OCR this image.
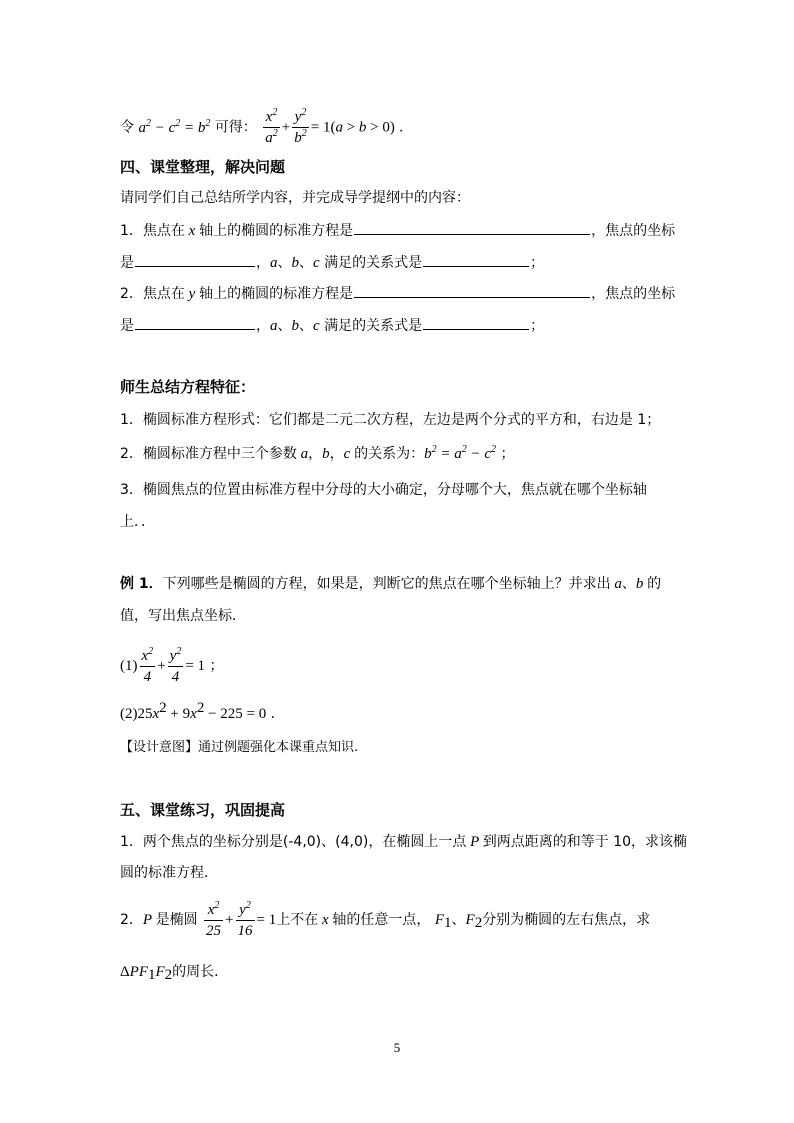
令 $a^2 - c^2 = b^2$ 可得： $\frac{x^2}{a^2} + \frac{y^2}{b^2} = 1(a > b > 0)$ .
四、课堂整理，解决问题
请同学们自己总结所学内容，并完成导学提纲中的内容：
1．焦点在 x 轴上的椭圆的标准方程是	，焦点的坐标
是	，a、b、c 满足的关系式是	；
2．焦点在 y 轴上的椭圆的标准方程是	，焦点的坐标
是	，a、b、c 满足的关系式是	；
师生总结方程特征：
1．椭圆标准方程形式：它们都是二元二次方程，左边是两个分式的平方和，右边是 1；
2．椭圆标准方程中三个参数 a，b，c 的关系为：$b^2 = a^2 - c^2$ ；
3．椭圆焦点的位置由标准方程中分母的大小确定，分母哪个大，焦点就在哪个坐标轴
上．．
例 1．下列哪些是椭圆的方程，如果是，判断它的焦点在哪个坐标轴上？并求出 a、b 的
值，写出焦点坐标．
$(1) \frac{x^2}{4} + \frac{y^2}{4} = 1$ ；
$(2)25x^2 + 9x^2 - 225 = 0$ ．
【设计意图】通过例题强化本课重点知识.
五、课堂练习，巩固提高
1．两个焦点的坐标分别是(-4,0)、(4,0)，在椭圆上一点 P 到两点距离的和等于 10，求该椭
圆的标准方程．
2．P 是椭圆 $\frac{x^2}{25} + \frac{y^2}{16} = 1$上不在 x 轴的任意一点， $F_1$、$F_2$分别为椭圆的左右焦点，求
$\Delta PF_1F_2$的周长．
5
